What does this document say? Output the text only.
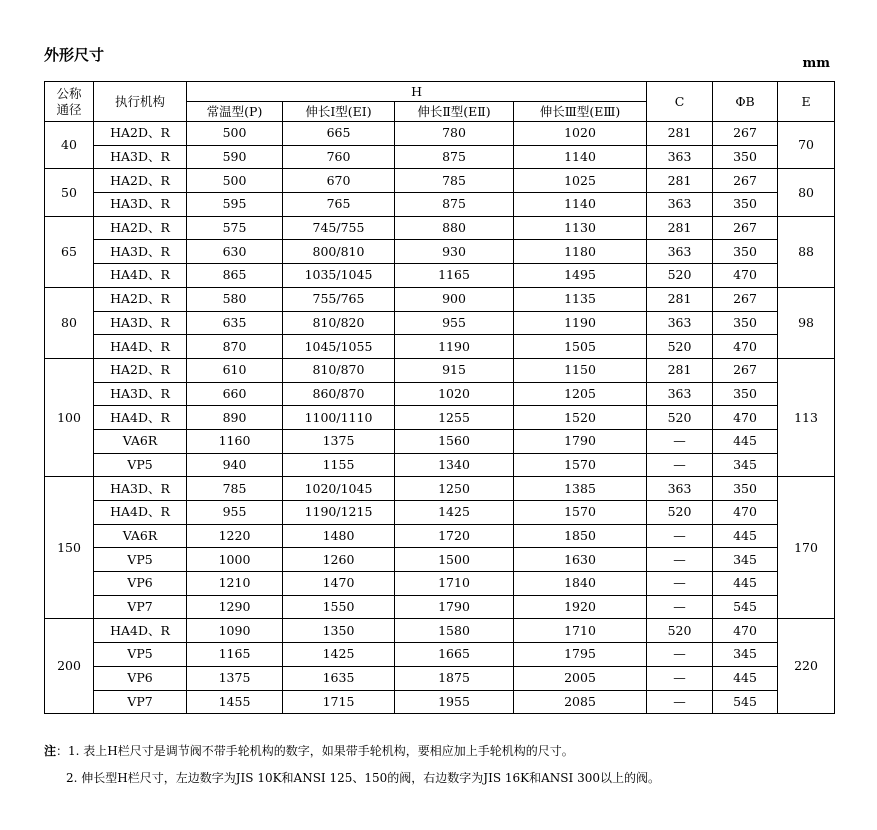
外形尺寸	mm
公称
通径	执行机构	H				C	ΦB	E
		常温型(P)	伸长Ⅰ型(EⅠ)	伸长Ⅱ型(EⅡ)	伸长Ⅲ型(EⅢ)			
40	HA2D、R	500	665	780	1020	281	267	70
	HA3D、R	590	760	875	1140	363	350	
50	HA2D、R	500	670	785	1025	281	267	80
	HA3D、R	595	765	875	1140	363	350	
65	HA2D、R	575	745/755	880	1130	281	267	88
	HA3D、R	630	800/810	930	1180	363	350	
	HA4D、R	865	1035/1045	1165	1495	520	470	
80	HA2D、R	580	755/765	900	1135	281	267	98
	HA3D、R	635	810/820	955	1190	363	350	
	HA4D、R	870	1045/1055	1190	1505	520	470	
100	HA2D、R	610	810/870	915	1150	281	267	113
	HA3D、R	660	860/870	1020	1205	363	350	
	HA4D、R	890	1100/1110	1255	1520	520	470	
	VA6R	1160	1375	1560	1790	—	445	
	VP5	940	1155	1340	1570	—	345	
150	HA3D、R	785	1020/1045	1250	1385	363	350	170
	HA4D、R	955	1190/1215	1425	1570	520	470	
	VA6R	1220	1480	1720	1850	—	445	
	VP5	1000	1260	1500	1630	—	345	
	VP6	1210	1470	1710	1840	—	445	
	VP7	1290	1550	1790	1920	—	545	
200	HA4D、R	1090	1350	1580	1710	520	470	220
	VP5	1165	1425	1665	1795	—	345	
	VP6	1375	1635	1875	2005	—	445	
	VP7	1455	1715	1955	2085	—	545	
注 ：1. 表上H栏尺寸是调节阀不带手轮机构的数字，如果带手轮机构，要相应加上手轮机构的尺寸。
2. 伸长型H栏尺寸，左边数字为JIS 10K和ANSI 125、150的阀，右边数字为JIS 16K和ANSI 300以上的阀。
